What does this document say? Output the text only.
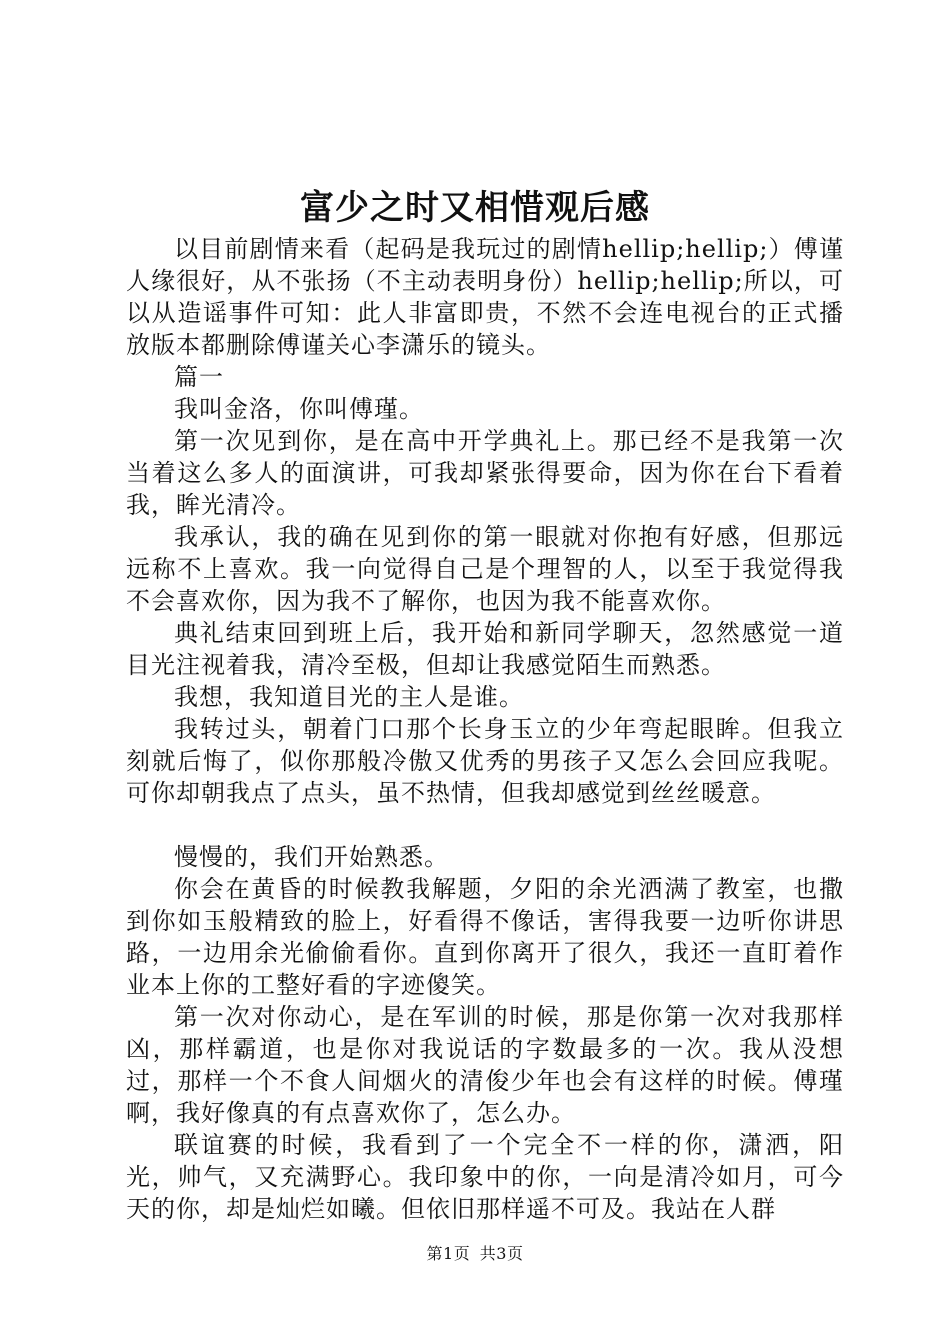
富少之时又相惜观后感

以目前剧情来看（起码是我玩过的剧情hellip;hellip;）傅谨人缘很好，从不张扬（不主动表明身份）hellip;hellip;所以，可以从造谣事件可知：此人非富即贵，不然不会连电视台的正式播放版本都删除傅谨关心李潇乐的镜头。

篇一

我叫金洛，你叫傅瑾。

第一次见到你，是在高中开学典礼上。那已经不是我第一次当着这么多人的面演讲，可我却紧张得要命，因为你在台下看着我，眸光清冷。

我承认，我的确在见到你的第一眼就对你抱有好感，但那远远称不上喜欢。我一向觉得自己是个理智的人，以至于我觉得我不会喜欢你，因为我不了解你，也因为我不能喜欢你。

典礼结束回到班上后，我开始和新同学聊天，忽然感觉一道目光注视着我，清冷至极，但却让我感觉陌生而熟悉。

我想，我知道目光的主人是谁。

我转过头，朝着门口那个长身玉立的少年弯起眼眸。但我立刻就后悔了，似你那般冷傲又优秀的男孩子又怎么会回应我呢。可你却朝我点了点头，虽不热情，但我却感觉到丝丝暖意。

慢慢的，我们开始熟悉。

你会在黄昏的时候教我解题，夕阳的余光洒满了教室，也撒到你如玉般精致的脸上，好看得不像话，害得我要一边听你讲思路，一边用余光偷偷看你。直到你离开了很久，我还一直盯着作业本上你的工整好看的字迹傻笑。

第一次对你动心，是在军训的时候，那是你第一次对我那样凶，那样霸道，也是你对我说话的字数最多的一次。我从没想过，那样一个不食人间烟火的清俊少年也会有这样的时候。傅瑾啊，我好像真的有点喜欢你了，怎么办。

联谊赛的时候，我看到了一个完全不一样的你，潇洒，阳光，帅气，又充满野心。我印象中的你，一向是清冷如月，可今天的你，却是灿烂如曦。但依旧那样遥不可及。我站在人群

第1页 共3页
